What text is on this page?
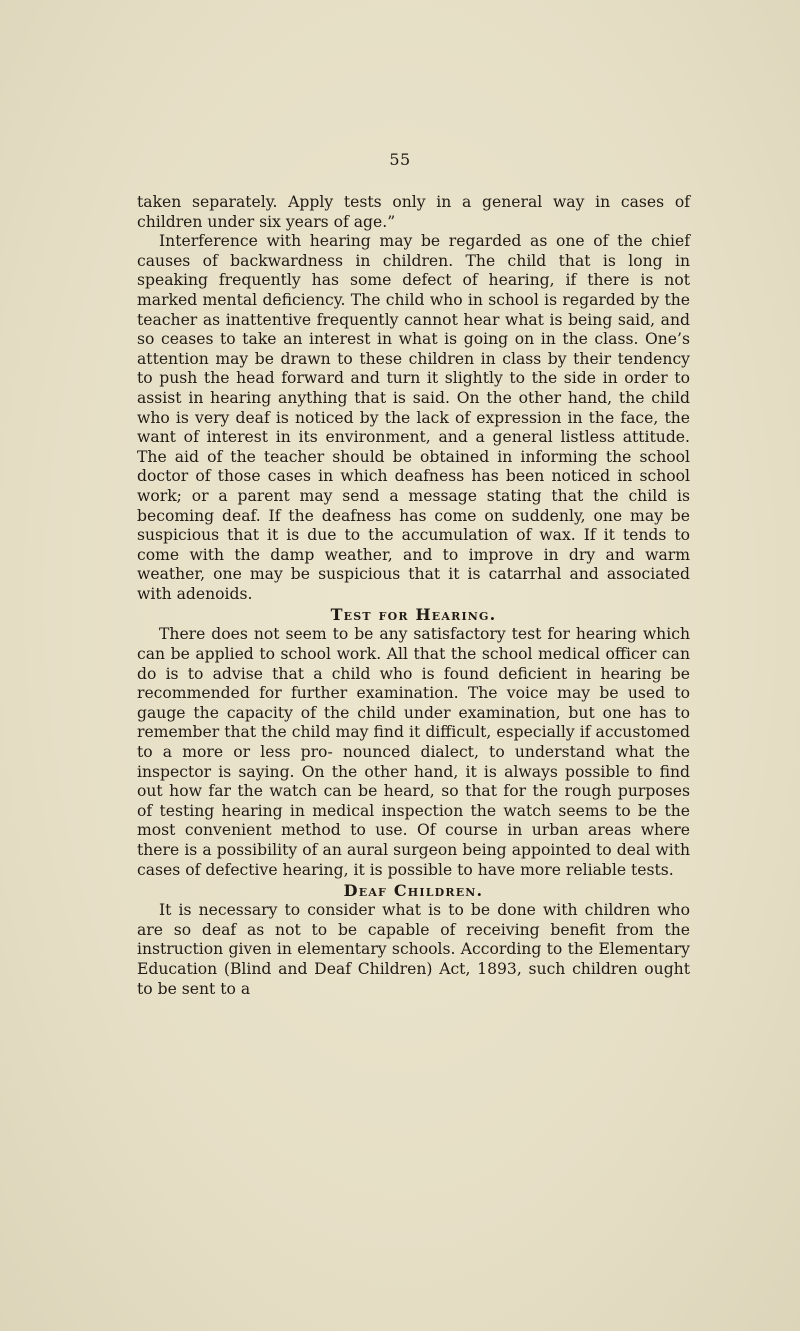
55

taken separately. Apply tests only in a general way in cases of children under six years of age.”

Interference with hearing may be regarded as one of the chief causes of backwardness in children. The child that is long in speaking frequently has some defect of hearing, if there is not marked mental deficiency. The child who in school is regarded by the teacher as inattentive frequently cannot hear what is being said, and so ceases to take an interest in what is going on in the class. One’s attention may be drawn to these children in class by their tendency to push the head forward and turn it slightly to the side in order to assist in hearing anything that is said. On the other hand, the child who is very deaf is noticed by the lack of expression in the face, the want of interest in its environment, and a general listless attitude. The aid of the teacher should be obtained in informing the school doctor of those cases in which deafness has been noticed in school work; or a parent may send a message stating that the child is becoming deaf. If the deafness has come on suddenly, one may be suspicious that it is due to the accumulation of wax. If it tends to come with the damp weather, and to improve in dry and warm weather, one may be suspicious that it is catarrhal and associated with adenoids.

Test for Hearing.

There does not seem to be any satisfactory test for hearing which can be applied to school work. All that the school medical officer can do is to advise that a child who is found deficient in hearing be recommended for further examination. The voice may be used to gauge the capacity of the child under examination, but one has to remember that the child may find it difficult, especially if accustomed to a more or less pro- nounced dialect, to understand what the inspector is saying. On the other hand, it is always possible to find out how far the watch can be heard, so that for the rough purposes of testing hearing in medical inspection the watch seems to be the most convenient method to use. Of course in urban areas where there is a possibility of an aural surgeon being appointed to deal with cases of defective hearing, it is possible to have more reliable tests.

Deaf Children.

It is necessary to consider what is to be done with children who are so deaf as not to be capable of receiving benefit from the instruction given in elementary schools. According to the Elementary Education (Blind and Deaf Children) Act, 1893, such children ought to be sent to a
